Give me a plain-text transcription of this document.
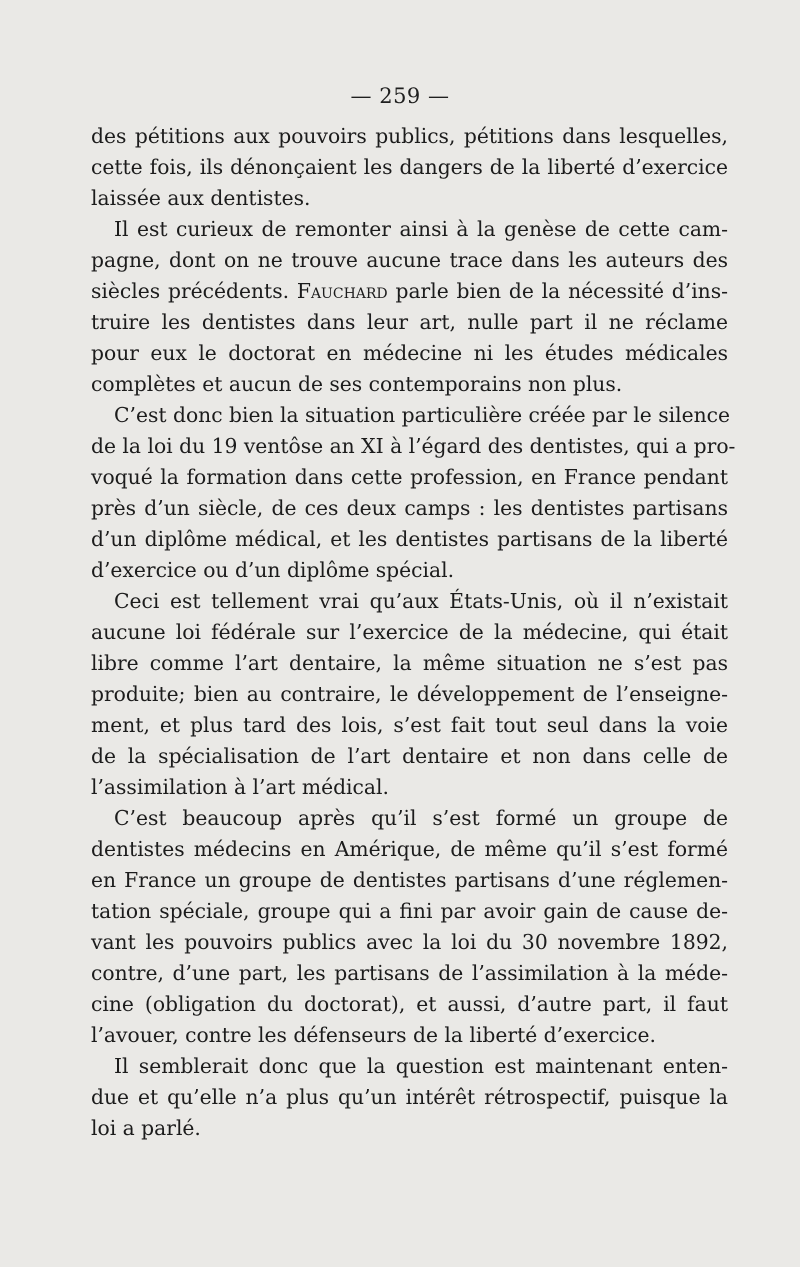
— 259 —

des pétitions aux pouvoirs publics, pétitions dans lesquelles,
cette fois, ils dénonçaient les dangers de la liberté d’exercice
laissée aux dentistes.

Il est curieux de remonter ainsi à la genèse de cette cam-
pagne, dont on ne trouve aucune trace dans les auteurs des
siècles précédents. Fauchard parle bien de la nécessité d’ins-
truire les dentistes dans leur art, nulle part il ne réclame
pour eux le doctorat en médecine ni les études médicales
complètes et aucun de ses contemporains non plus.

C’est donc bien la situation particulière créée par le silence
de la loi du 19 ventôse an XI à l’égard des dentistes, qui a pro-
voqué la formation dans cette profession, en France pendant
près d’un siècle, de ces deux camps : les dentistes partisans
d’un diplôme médical, et les dentistes partisans de la liberté
d’exercice ou d’un diplôme spécial.

Ceci est tellement vrai qu’aux États-Unis, où il n’existait
aucune loi fédérale sur l’exercice de la médecine, qui était
libre comme l’art dentaire, la même situation ne s’est pas
produite; bien au contraire, le développement de l’enseigne-
ment, et plus tard des lois, s’est fait tout seul dans la voie
de la spécialisation de l’art dentaire et non dans celle de
l’assimilation à l’art médical.

C’est beaucoup après qu’il s’est formé un groupe de
dentistes médecins en Amérique, de même qu’il s’est formé
en France un groupe de dentistes partisans d’une réglemen-
tation spéciale, groupe qui a fini par avoir gain de cause de-
vant les pouvoirs publics avec la loi du 30 novembre 1892,
contre, d’une part, les partisans de l’assimilation à la méde-
cine (obligation du doctorat), et aussi, d’autre part, il faut
l’avouer, contre les défenseurs de la liberté d’exercice.

Il semblerait donc que la question est maintenant enten-
due et qu’elle n’a plus qu’un intérêt rétrospectif, puisque la
loi a parlé.
